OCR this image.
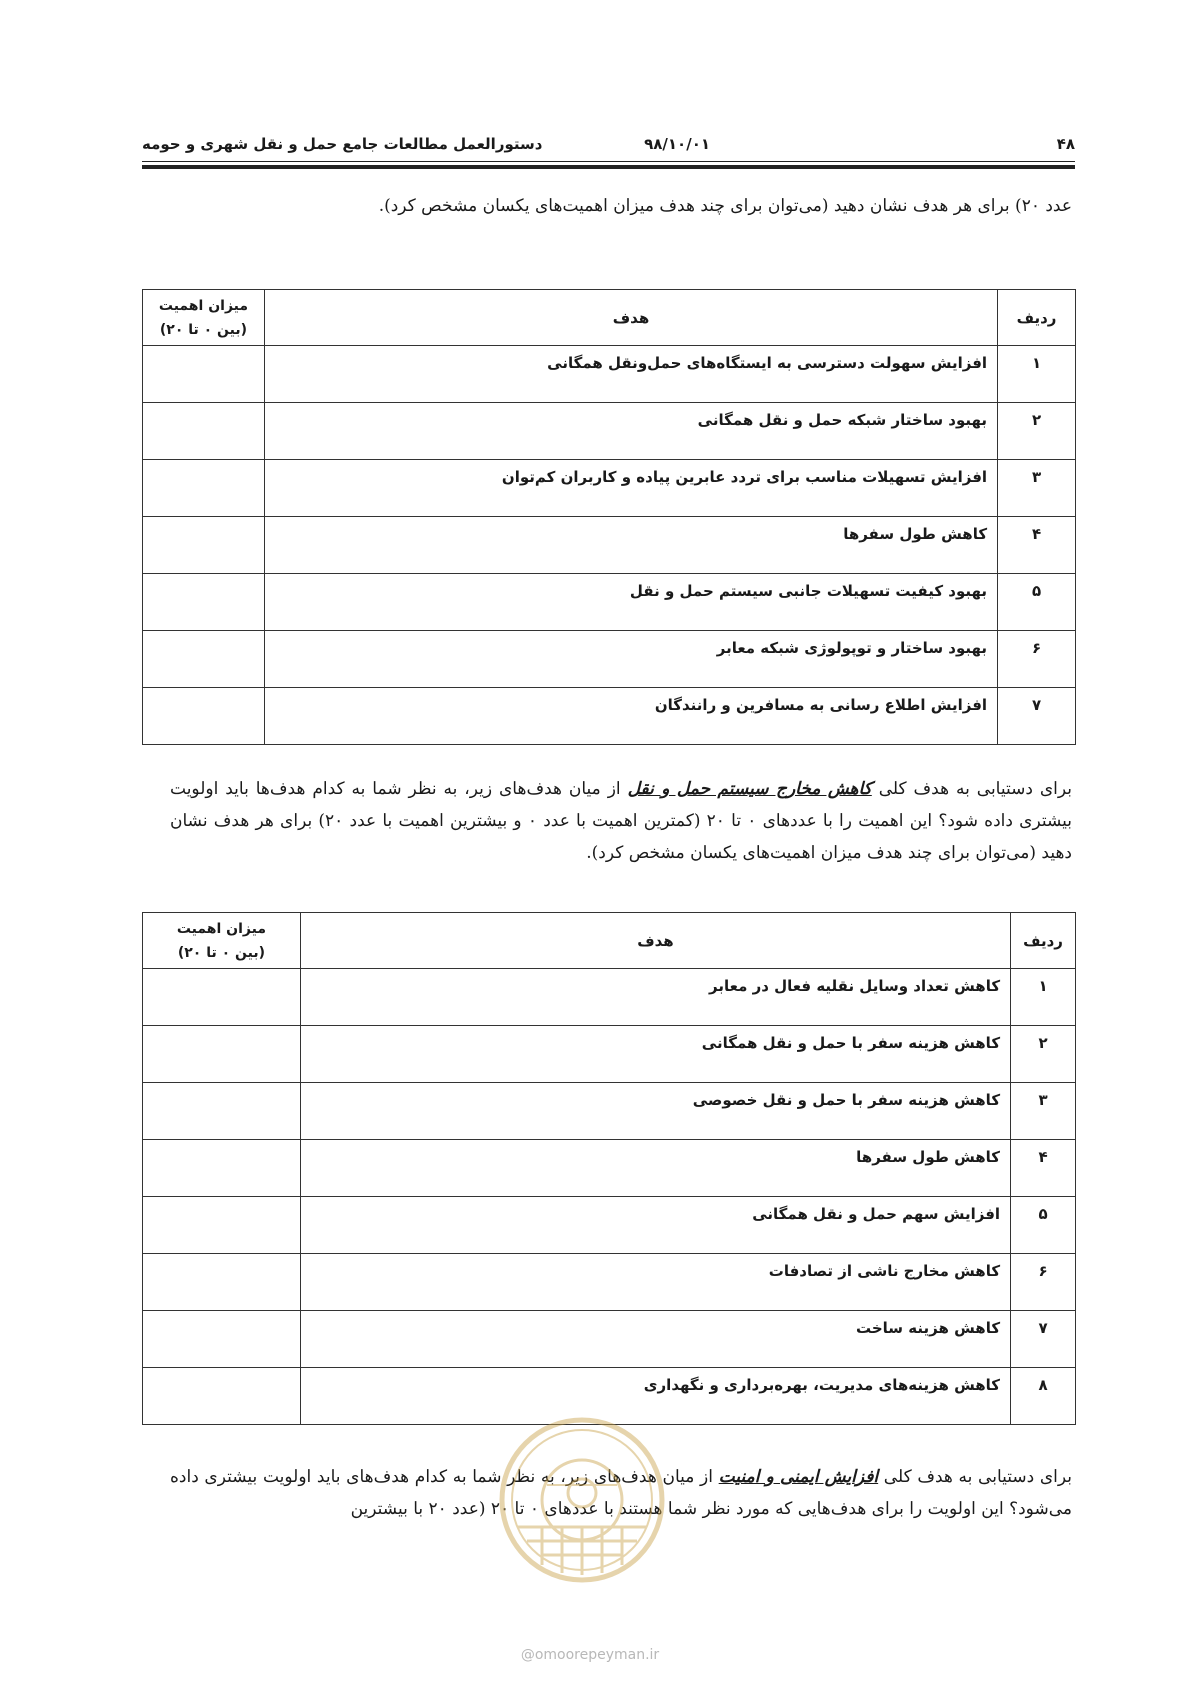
۴۸
۹۸/۱۰/۰۱
دستورالعمل مطالعات جامع حمل و نقل شهری و حومه

عدد ۲۰) برای هر هدف نشان دهید (می‌توان برای چند هدف میزان اهمیت‌های یکسان مشخص کرد).

ردیف	هدف	میزان اهمیت
(بین ۰ تا ۲۰)

۱	افزایش سهولت دسترسی به ایستگاه‌های حمل‌ونقل همگانی	
۲	بهبود ساختار شبکه حمل و نقل همگانی	
۳	افزایش تسهیلات مناسب برای تردد عابرین پیاده و کاربران کم‌توان	
۴	کاهش طول سفرها	
۵	بهبود کیفیت تسهیلات جانبی سیستم حمل و نقل	
۶	بهبود ساختار و توپولوژی شبکه معابر	
۷	افزایش اطلاع رسانی به مسافرین و رانندگان	

برای دستیابی به هدف کلی کاهش مخارج سیستم حمل و نقل از میان هدف‌های زیر، به نظر شما به کدام هدف‌ها باید اولویت بیشتری داده شود؟ این اهمیت را با عددهای ۰ تا ۲۰ (کمترین اهمیت با عدد ۰ و بیشترین اهمیت با عدد ۲۰) برای هر هدف نشان دهید (می‌توان برای چند هدف میزان اهمیت‌های یکسان مشخص کرد).

ردیف	هدف	میزان اهمیت
(بین ۰ تا ۲۰)

۱	کاهش تعداد وسایل نقلیه فعال در معابر	
۲	کاهش هزینه سفر با حمل و نقل همگانی	
۳	کاهش هزینه سفر با حمل و نقل خصوصی	
۴	کاهش طول سفرها	
۵	افزایش سهم حمل و نقل همگانی	
۶	کاهش مخارج ناشی از تصادفات	
۷	کاهش هزینه ساخت	
۸	کاهش هزینه‌های مدیریت، بهره‌برداری و نگهداری	

برای دستیابی به هدف کلی افزایش ایمنی و امنیت از میان هدف‌های زیر، به نظر شما به کدام هدف‌های باید اولویت بیشتری داده می‌شود؟ این اولویت را برای هدف‌هایی که مورد نظر شما هستند با عددهای ۰ تا ۲۰ (عدد ۲۰ با بیشترین

@omoorepeyman.ir
